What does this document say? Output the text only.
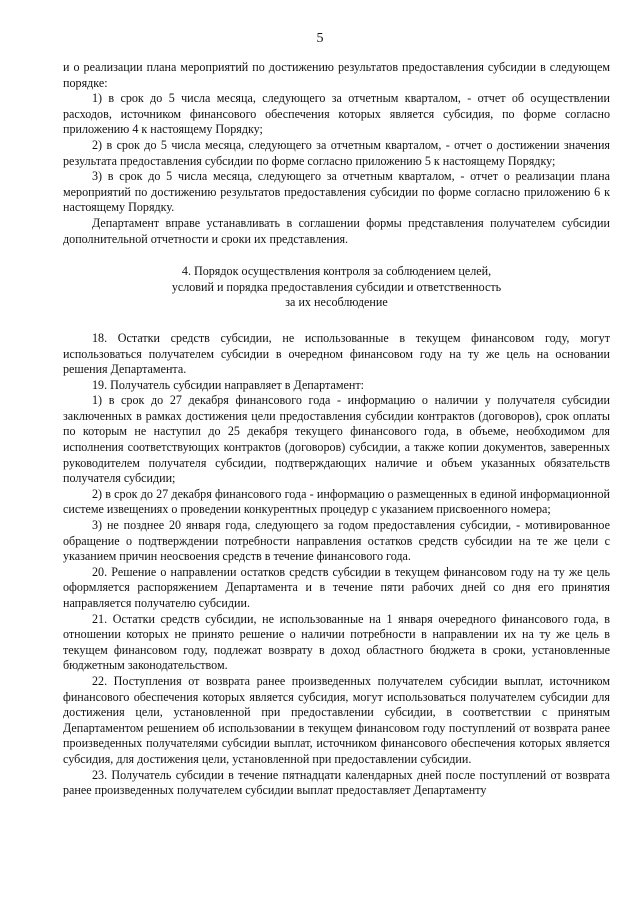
5

и о реализации плана мероприятий по достижению результатов предоставления субсидии в следующем порядке:

1) в срок до 5 числа месяца, следующего за отчетным кварталом, - отчет об осуществлении расходов, источником финансового обеспечения которых является субсидия, по форме согласно приложению 4 к настоящему Порядку;

2) в срок до 5 числа месяца, следующего за отчетным кварталом, - отчет о достижении значения результата предоставления субсидии по форме согласно приложению 5 к настоящему Порядку;

3) в срок до 5 числа месяца, следующего за отчетным кварталом, - отчет о реализации плана мероприятий по достижению результатов предоставления субсидии по форме согласно приложению 6 к настоящему Порядку.

Департамент вправе устанавливать в соглашении формы представления получателем субсидии дополнительной отчетности и сроки их представления.

4. Порядок осуществления контроля за соблюдением целей,
условий и порядка предоставления субсидии и ответственность
за их несоблюдение

18. Остатки средств субсидии, не использованные в текущем финансовом году, могут использоваться получателем субсидии в очередном финансовом году на ту же цель на основании решения Департамента.

19. Получатель субсидии направляет в Департамент:

1) в срок до 27 декабря финансового года - информацию о наличии у получателя субсидии заключенных в рамках достижения цели предоставления субсидии контрактов (договоров), срок оплаты по которым не наступил до 25 декабря текущего финансового года, в объеме, необходимом для исполнения соответствующих контрактов (договоров) субсидии, а также копии документов, заверенных руководителем получателя субсидии, подтверждающих наличие и объем указанных обязательств получателя субсидии;

2) в срок до 27 декабря финансового года - информацию о размещенных в единой информационной системе извещениях о проведении конкурентных процедур с указанием присвоенного номера;

3) не позднее 20 января года, следующего за годом предоставления субсидии, - мотивированное обращение о подтверждении потребности направления остатков средств субсидии на те же цели с указанием причин неосвоения средств в течение финансового года.

20. Решение о направлении остатков средств субсидии в текущем финансовом году на ту же цель оформляется распоряжением Департамента и в течение пяти рабочих дней со дня его принятия направляется получателю субсидии.

21. Остатки средств субсидии, не использованные на 1 января очередного финансового года, в отношении которых не принято решение о наличии потребности в направлении их на ту же цель в текущем финансовом году, подлежат возврату в доход областного бюджета в сроки, установленные бюджетным законодательством.

22. Поступления от возврата ранее произведенных получателем субсидии выплат, источником финансового обеспечения которых является субсидия, могут использоваться получателем субсидии для достижения цели, установленной при предоставлении субсидии, в соответствии с принятым Департаментом решением об использовании в текущем финансовом году поступлений от возврата ранее произведенных получателями субсидии выплат, источником финансового обеспечения которых является субсидия, для достижения цели, установленной при предоставлении субсидии.

23. Получатель субсидии в течение пятнадцати календарных дней после поступлений от возврата ранее произведенных получателем субсидии выплат предоставляет Департаменту
